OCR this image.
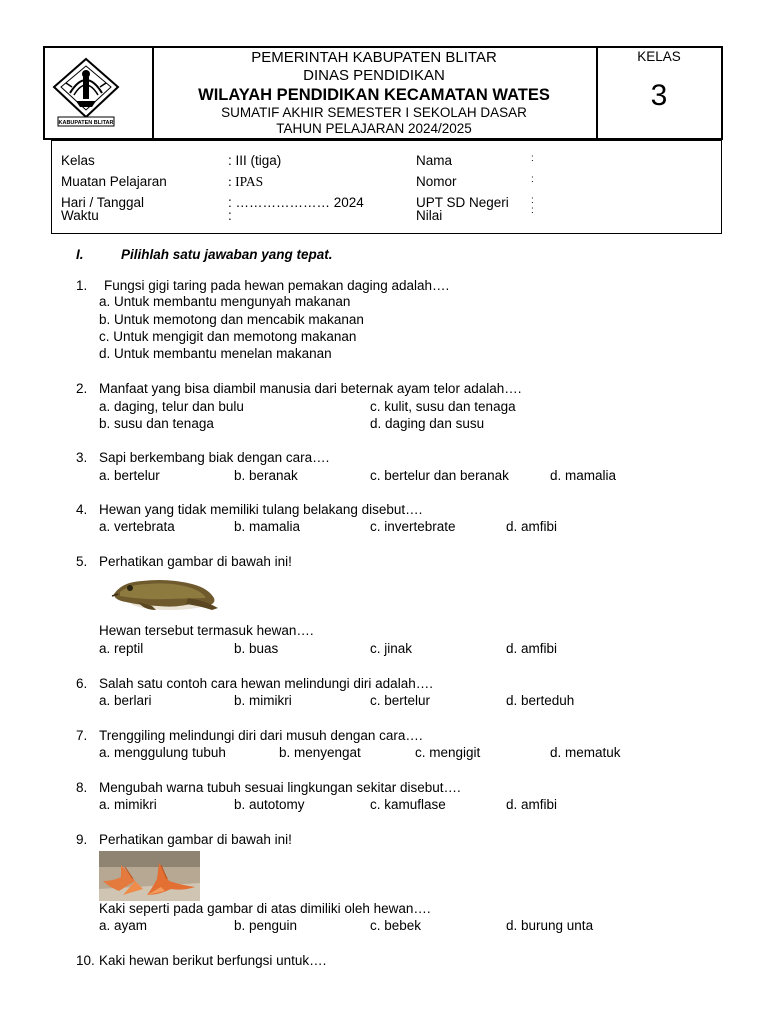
KABUPATEN BLITAR
PEMERINTAH KABUPATEN BLITAR
DINAS PENDIDIKAN
WILAYAH PENDIDIKAN KECAMATAN WATES
SUMATIF AKHIR SEMESTER I SEKOLAH DASAR
TAHUN PELAJARAN 2024/2025
KELAS
3
Kelas	: III (tiga)
Muatan Pelajaran	: IPAS
Hari / Tanggal	: ………………… 2024
Waktu	:
Nama	:
Nomor	:
UPT SD Negeri :
Nilai	:
I.	Pilihlah satu jawaban yang tepat.
1. Fungsi gigi taring pada hewan pemakan daging adalah….
a. Untuk membantu mengunyah makanan
b. Untuk memotong dan mencabik makanan
c. Untuk mengigit dan memotong makanan
d. Untuk membantu menelan makanan
2. Manfaat yang bisa diambil manusia dari beternak ayam telor adalah….
a. daging, telur dan bulu	c. kulit, susu dan tenaga
b. susu dan tenaga	d. daging dan susu
3. Sapi berkembang biak dengan cara….
a. bertelur	b. beranak	c. bertelur dan beranak	d. mamalia
4. Hewan yang tidak memiliki tulang belakang disebut….
a. vertebrata	b. mamalia	c. invertebrate	d. amfibi
5. Perhatikan gambar di bawah ini!
Hewan tersebut termasuk hewan….
a. reptil	b. buas	c. jinak	d. amfibi
6. Salah satu contoh cara hewan melindungi diri adalah….
a. berlari	b. mimikri	c. bertelur	d. berteduh
7. Trenggiling melindungi diri dari musuh dengan cara….
a. menggulung tubuh	b. menyengat	c. mengigit	d. mematuk
8. Mengubah warna tubuh sesuai lingkungan sekitar disebut….
a. mimikri	b. autotomy	c. kamuflase	d. amfibi
9. Perhatikan gambar di bawah ini!
Kaki seperti pada gambar di atas dimiliki oleh hewan….
a. ayam	b. penguin	c. bebek	d. burung unta
10. Kaki hewan berikut berfungsi untuk….
